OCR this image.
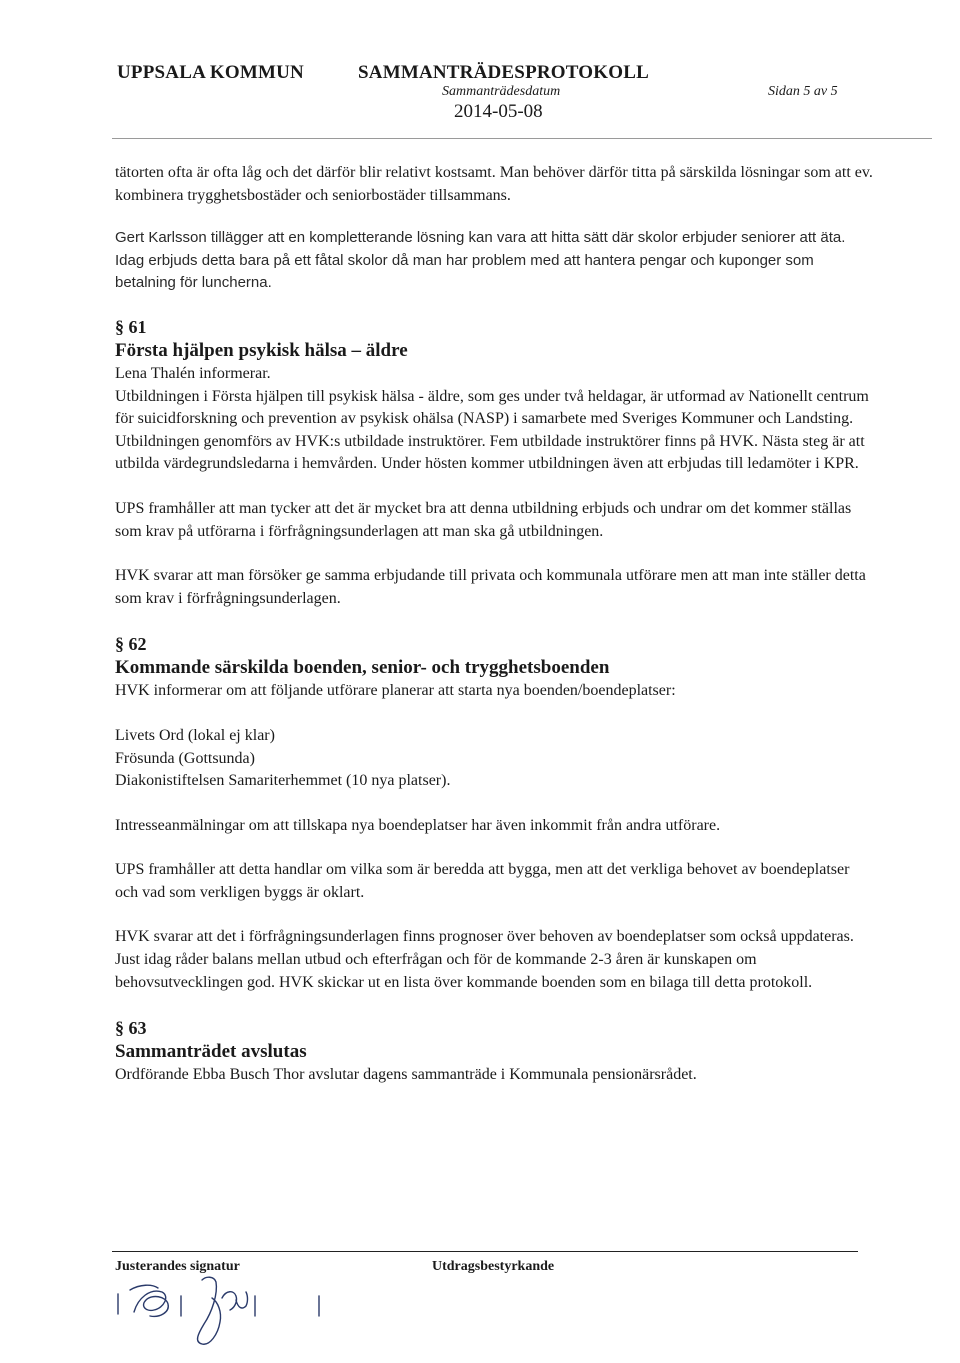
UPPSALA KOMMUN	SAMMANTRÄDESPROTOKOLL
Sammanträdesdatum	Sidan 5 av 5
2014-05-08

tätorten ofta är ofta låg och det därför blir relativt kostsamt. Man behöver därför titta på särskilda lösningar som att ev. kombinera trygghetsbostäder och seniorbostäder tillsammans.

Gert Karlsson tillägger att en kompletterande lösning kan vara att hitta sätt där skolor erbjuder seniorer att äta. Idag erbjuds detta bara på ett fåtal skolor då man har problem med att hantera pengar och kuponger som betalning för luncherna.

§ 61
Första hjälpen psykisk hälsa – äldre

Lena Thalén informerar.

Utbildningen i Första hjälpen till psykisk hälsa - äldre, som ges under två heldagar, är utformad av Nationellt centrum för suicidforskning och prevention av psykisk ohälsa (NASP) i samarbete med Sveriges Kommuner och Landsting. Utbildningen genomförs av HVK:s utbildade instruktörer. Fem utbildade instruktörer finns på HVK. Nästa steg är att utbilda värdegrundsledarna i hemvården. Under hösten kommer utbildningen även att erbjudas till ledamöter i KPR.

UPS framhåller att man tycker att det är mycket bra att denna utbildning erbjuds och undrar om det kommer ställas som krav på utförarna i förfrågningsunderlagen att man ska gå utbildningen.

HVK svarar att man försöker ge samma erbjudande till privata och kommunala utförare men att man inte ställer detta som krav i förfrågningsunderlagen.

§ 62
Kommande särskilda boenden, senior- och trygghetsboenden

HVK informerar om att följande utförare planerar att starta nya boenden/boendeplatser:

Livets Ord (lokal ej klar)

Frösunda (Gottsunda)

Diakonistiftelsen Samariterhemmet (10 nya platser).

Intresseanmälningar om att tillskapa nya boendeplatser har även inkommit från andra utförare.

UPS framhåller att detta handlar om vilka som är beredda att bygga, men att det verkliga behovet av boendeplatser och vad som verkligen byggs är oklart.

HVK svarar att det i förfrågningsunderlagen finns prognoser över behoven av boendeplatser som också uppdateras. Just idag råder balans mellan utbud och efterfrågan och för de kommande 2-3 åren är kunskapen om behovsutvecklingen god. HVK skickar ut en lista över kommande boenden som en bilaga till detta protokoll.

§ 63
Sammanträdet avslutas

Ordförande Ebba Busch Thor avslutar dagens sammanträde i Kommunala pensionärsrådet.

Justerandes signatur	Utdragsbestyrkande
